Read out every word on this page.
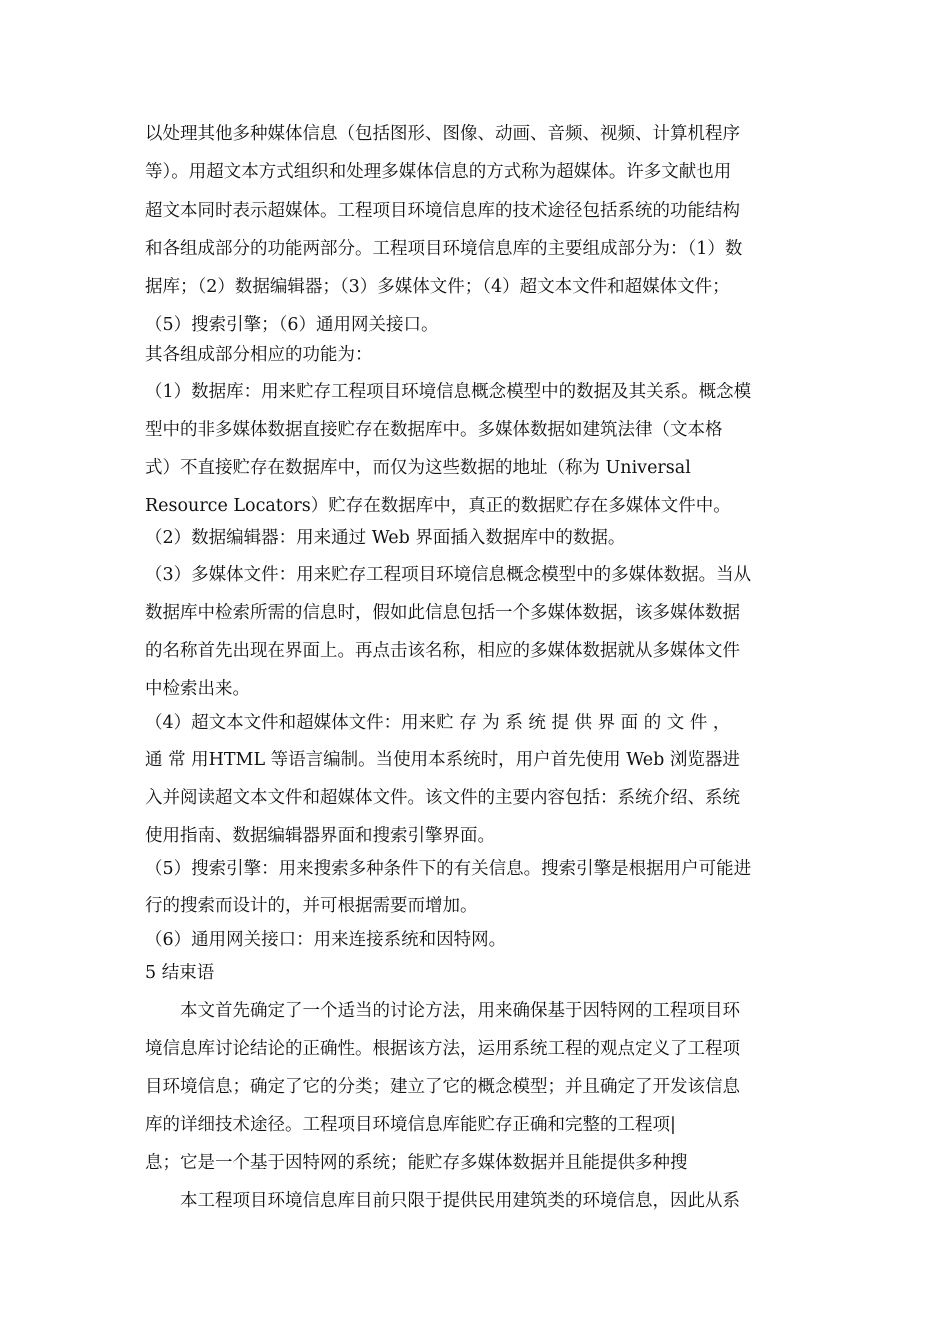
以处理其他多种媒体信息（包括图形、图像、动画、音频、视频、计算机程序
等）。用超文本方式组织和处理多媒体信息的方式称为超媒体。许多文献也用
超文本同时表示超媒体。工程项目环境信息库的技术途径包括系统的功能结构
和各组成部分的功能两部分。工程项目环境信息库的主要组成部分为：（1）数
据库；（2）数据编辑器；（3）多媒体文件；（4）超文本文件和超媒体文件；
（5）搜索引擎；（6）通用网关接口。
其各组成部分相应的功能为：
（1）数据库：用来贮存工程项目环境信息概念模型中的数据及其关系。概念模
型中的非多媒体数据直接贮存在数据库中。多媒体数据如建筑法律（文本格
式）不直接贮存在数据库中，而仅为这些数据的地址（称为 Universal
Resource Locators）贮存在数据库中，真正的数据贮存在多媒体文件中。
（2）数据编辑器：用来通过 Web 界面插入数据库中的数据。
（3）多媒体文件：用来贮存工程项目环境信息概念模型中的多媒体数据。当从
数据库中检索所需的信息时，假如此信息包括一个多媒体数据，该多媒体数据
的名称首先出现在界面上。再点击该名称，相应的多媒体数据就从多媒体文件
中检索出来。
（4）超文本文件和超媒体文件：用来贮 存 为 系 统 提 供 界 面 的 文 件 ，
通 常 用HTML 等语言编制。当使用本系统时，用户首先使用 Web 浏览器进
入并阅读超文本文件和超媒体文件。该文件的主要内容包括：系统介绍、系统
使用指南、数据编辑器界面和搜索引擎界面。
（5）搜索引擎：用来搜索多种条件下的有关信息。搜索引擎是根据用户可能进
行的搜索而设计的，并可根据需要而增加。
（6）通用网关接口：用来连接系统和因特网。
5 结束语
　　本文首先确定了一个适当的讨论方法，用来确保基于因特网的工程项目环
境信息库讨论结论的正确性。根据该方法，运用系统工程的观点定义了工程项
目环境信息；确定了它的分类；建立了它的概念模型；并且确定了开发该信息
库的详细技术途径。工程项目环境信息库能贮存正确和完整的工程项|
息；它是一个基于因特网的系统；能贮存多媒体数据并且能提供多种搜
　　本工程项目环境信息库目前只限于提供民用建筑类的环境信息，因此从系
